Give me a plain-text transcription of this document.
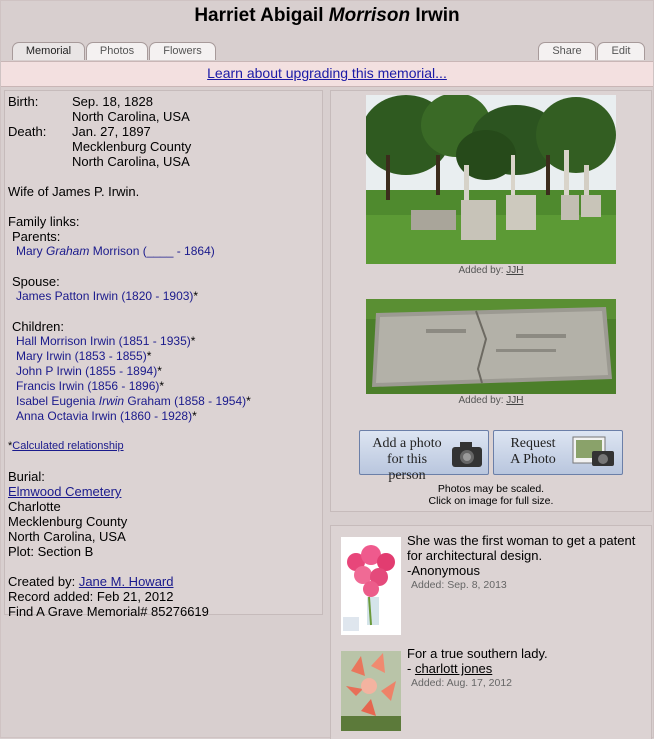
Harriet Abigail Morrison Irwin
Memorial	Photos	Flowers	Share	Edit
Learn about upgrading this memorial...
Birth:	Sep. 18, 1828
North Carolina, USA
Death: Jan. 27, 1897
Mecklenburg County
North Carolina, USA
Wife of James P. Irwin.
Family links:
Parents:
Mary Graham Morrison (____ - 1864)
Spouse:
James Patton Irwin (1820 - 1903)*
Children:
Hall Morrison Irwin (1851 - 1935)*
Mary Irwin (1853 - 1855)*
John P Irwin (1855 - 1894)*
Francis Irwin (1856 - 1896)*
Isabel Eugenia Irwin Graham (1858 - 1954)*
Anna Octavia Irwin (1860 - 1928)*
*Calculated relationship
Burial:
Elmwood Cemetery
Charlotte
Mecklenburg County
North Carolina, USA
Plot: Section B
Created by: Jane M. Howard
Record added: Feb 21, 2012
Find A Grave Memorial# 85276619
Added by: JJH
Added by: JJH
Add a photo
for this person
Request
A Photo
Photos may be scaled.
Click on image for full size.
She was the first woman to get a patent
for architectural design.
-Anonymous
Added: Sep. 8, 2013
For a true southern lady.
- charlott jones
Added: Aug. 17, 2012
